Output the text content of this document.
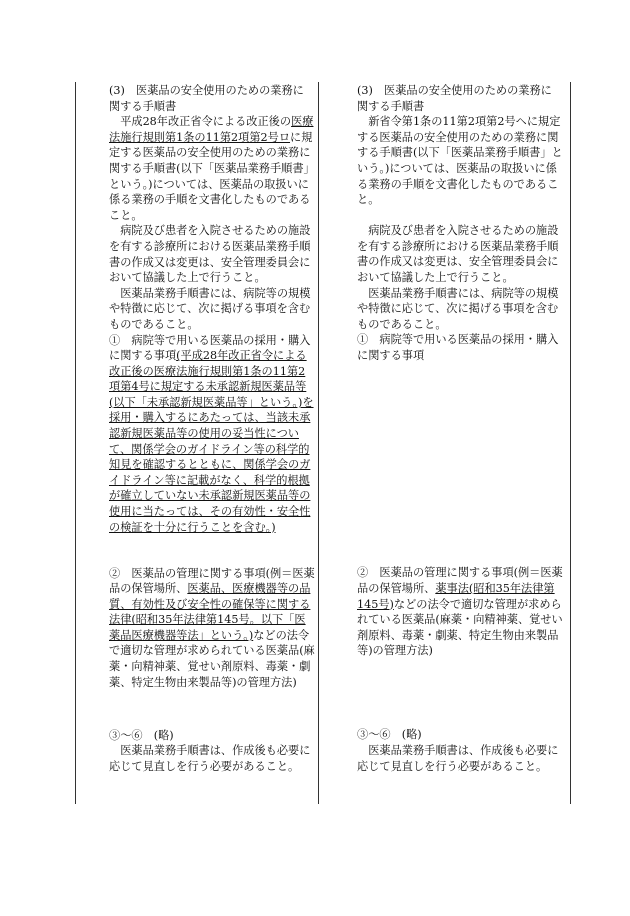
(3)　医薬品の安全使用のための業務に関する手順書

　平成28年改正省令による改正後の医療法施行規則第1条の11第2項第2号ロに規定する医薬品の安全使用のための業務に関する手順書(以下「医薬品業務手順書」という。)については、医薬品の取扱いに係る業務の手順を文書化したものであること。

　病院及び患者を入院させるための施設を有する診療所における医薬品業務手順書の作成又は変更は、安全管理委員会において協議した上で行うこと。

　医薬品業務手順書には、病院等の規模や特徴に応じて、次に掲げる事項を含むものであること。

①　病院等で用いる医薬品の採用・購入に関する事項(平成28年改正省令による改正後の医療法施行規則第1条の11第2項第4号に規定する未承認新規医薬品等(以下「未承認新規医薬品等」という。)を採用・購入するにあたっては、当該未承認新規医薬品等の使用の妥当性について、関係学会のガイドライン等の科学的知見を確認するとともに、関係学会のガイドライン等に記載がなく、科学的根拠が確立していない未承認新規医薬品等の使用に当たっては、その有効性・安全性の検証を十分に行うことを含む。)

②　医薬品の管理に関する事項(例＝医薬品の保管場所、医薬品、医療機器等の品質、有効性及び安全性の確保等に関する法律(昭和35年法律第145号。以下「医薬品医療機器等法」という。)などの法令で適切な管理が求められている医薬品(麻薬・向精神薬、覚せい剤原料、毒薬・劇薬、特定生物由来製品等)の管理方法)

③～⑥　(略)

　医薬品業務手順書は、作成後も必要に応じて見直しを行う必要があること。

(3)　医薬品の安全使用のための業務に関する手順書

　新省令第1条の11第2項第2号ヘに規定する医薬品の安全使用のための業務に関する手順書(以下「医薬品業務手順書」という。)については、医薬品の取扱いに係る業務の手順を文書化したものであること。

　病院及び患者を入院させるための施設を有する診療所における医薬品業務手順書の作成又は変更は、安全管理委員会において協議した上で行うこと。

　医薬品業務手順書には、病院等の規模や特徴に応じて、次に掲げる事項を含むものであること。

①　病院等で用いる医薬品の採用・購入に関する事項

②　医薬品の管理に関する事項(例＝医薬品の保管場所、薬事法(昭和35年法律第145号)などの法令で適切な管理が求められている医薬品(麻薬・向精神薬、覚せい剤原料、毒薬・劇薬、特定生物由来製品等)の管理方法)

③～⑥　(略)

　医薬品業務手順書は、作成後も必要に応じて見直しを行う必要があること。
